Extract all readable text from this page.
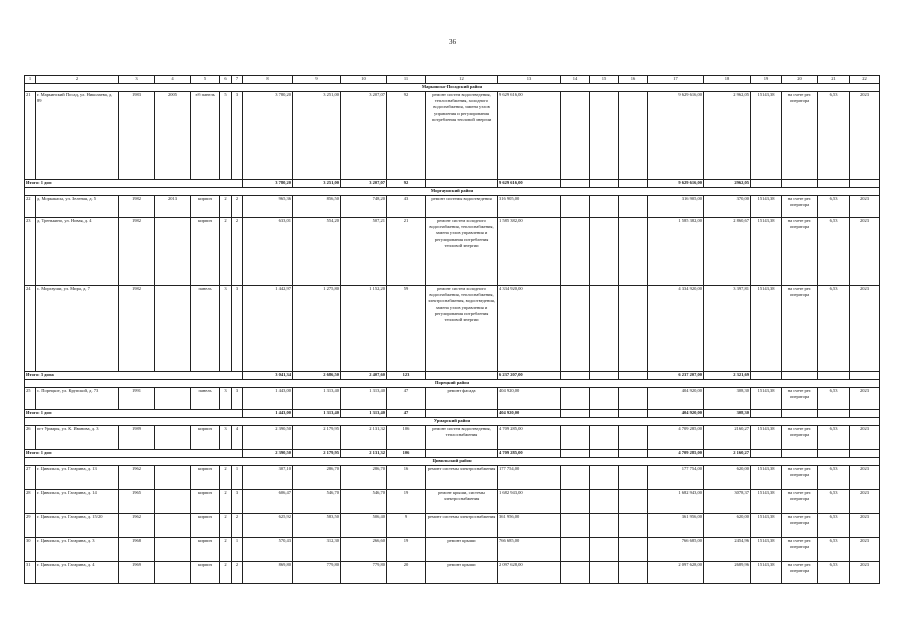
36
1	2	3	4	5	6	7	8	9	10	11	12	13	14	15	16	17	18	19	20	21	22
Марьинско-Посадский район																					
21	г. Марьинский Посад, ул. Николаева, д. 89	1983	2005	з/б панель	5	3	3 780,20	3 251,00	3 207,07	92	ремонт систем водоотведения, теплоснабжения, холодного водоснабжения, замена узлов управления и регулирования потребления тепловой энергии	9 629 616,00				9 629 616,00	2 962,05	15143,38	на счете рег. оператора	6,53	2023
Итого: 1 дом							3 780,20	3 251,00	3 207,07	92		9 629 616,00				9 629 616,00	2962,05				
Моргаушский район																					
22	д. Моркакасы, ул. Зеленая, д. 5	1982	2013	кирпич	2	2	965,36	856,50	748,20	43	ремонт системы водоотведения	316 905,00				316 905,00	370,00	15143,38	на счете рег. оператора	6,53	2023
23	д. Тренькино, ул. Новая, д. 4	1982		кирпич	2	2	633,01	554,20	507,21	21	ремонт систем холодного водоснабжения, теплоснабжения, замена узлов управления и регулирования потребления тепловой энергии	1 585 382,00				1 585 382,00	2 860,67	15143,38	на счете рег. оператора	6,53	2023
24	с. Моргауши, ул. Мира, д. 7	1982		панель	3	3	1 442,97	1 275,80	1 152,20	59	ремонт систем холодного водоснабжения, теплоснабжения, электроснабжения, водоотведения, замена узлов управления и регулирования потребления тепловой энергии	4 334 920,00				4 334 920,00	3 397,81	15143,38	на счете рег. оператора	6,53	2023
Итого: 3 дома							3 041,34	2 686,50	2 407,60	123		6 237 207,00				6 237 207,00	2 321,69				
Порецкий район																					
25	с. Порецкое, ул. Крупской, д. 73	1991		панель	3	3	1 443,00	1 313,40	1 313,40	47	ремонт фасада	404 920,00				404 920,00	308,30	15143,38	на счете рег. оператора	6,53	2023
Итого: 1 дом							1 443,00	1 313,40	1 313,40	47		404 920,00				404 920,00	308,30				
Урмарский район																					
26	пгт Урмары, ул. К. Иванова, д. 3	1989		кирпич	3	4	2 390,50	2 179,95	2 131,32	106	ремонт систем водоотведения, теплоснабжения	4 709 285,00				4 709 285,00	2160,27	15143,38	на счете рег. оператора	6,53	2023
Итого: 1 дом							2 390,50	2 179,95	2 131,32	106		4 709 285,00				4 709 285,00	2 160,27				
Цивильский район																					
27	г. Цивильск, ул. Гагарина, д. 13	1962		кирпич	2	1	307,10	286,70	286,70	16	ремонт системы электроснабжения	177 754,00				177 754,00	620,00	15143,38	на счете рег. оператора	6,53	2023
28	г. Цивильск, ул. Гагарина, д. 14	1965		кирпич	2	3	606,47	546,70	546,70	19	ремонт крыши, системы электроснабжения	1 682 943,00				1 682 943,00	3078,37	15143,38	на счете рег. оператора	6,53	2023
29	г. Цивильск, ул. Гагарина, д. 15/20	1962		кирпич	2	2	625,92	583,50	506,40	9	ремонт системы электроснабжения	361 956,00				361 956,00	620,00	15143,38	на счете рег. оператора	6,53	2023
30	г. Цивильск, ул. Гагарина, д. 3	1968		кирпич	2	1	570,43	312,30	266,60	19	ремонт крыши	766 685,00				766 685,00	2454,96	15143,38	на счете рег. оператора	6,53	2023
31	г. Цивильск, ул. Гагарина, д. 4	1969		кирпич	2	2	869,80	779,80	779,80	20	ремонт крыши	2 097 628,00				2 097 628,00	2689,96	15143,38	на счете рег. оператора	6,53	2023
